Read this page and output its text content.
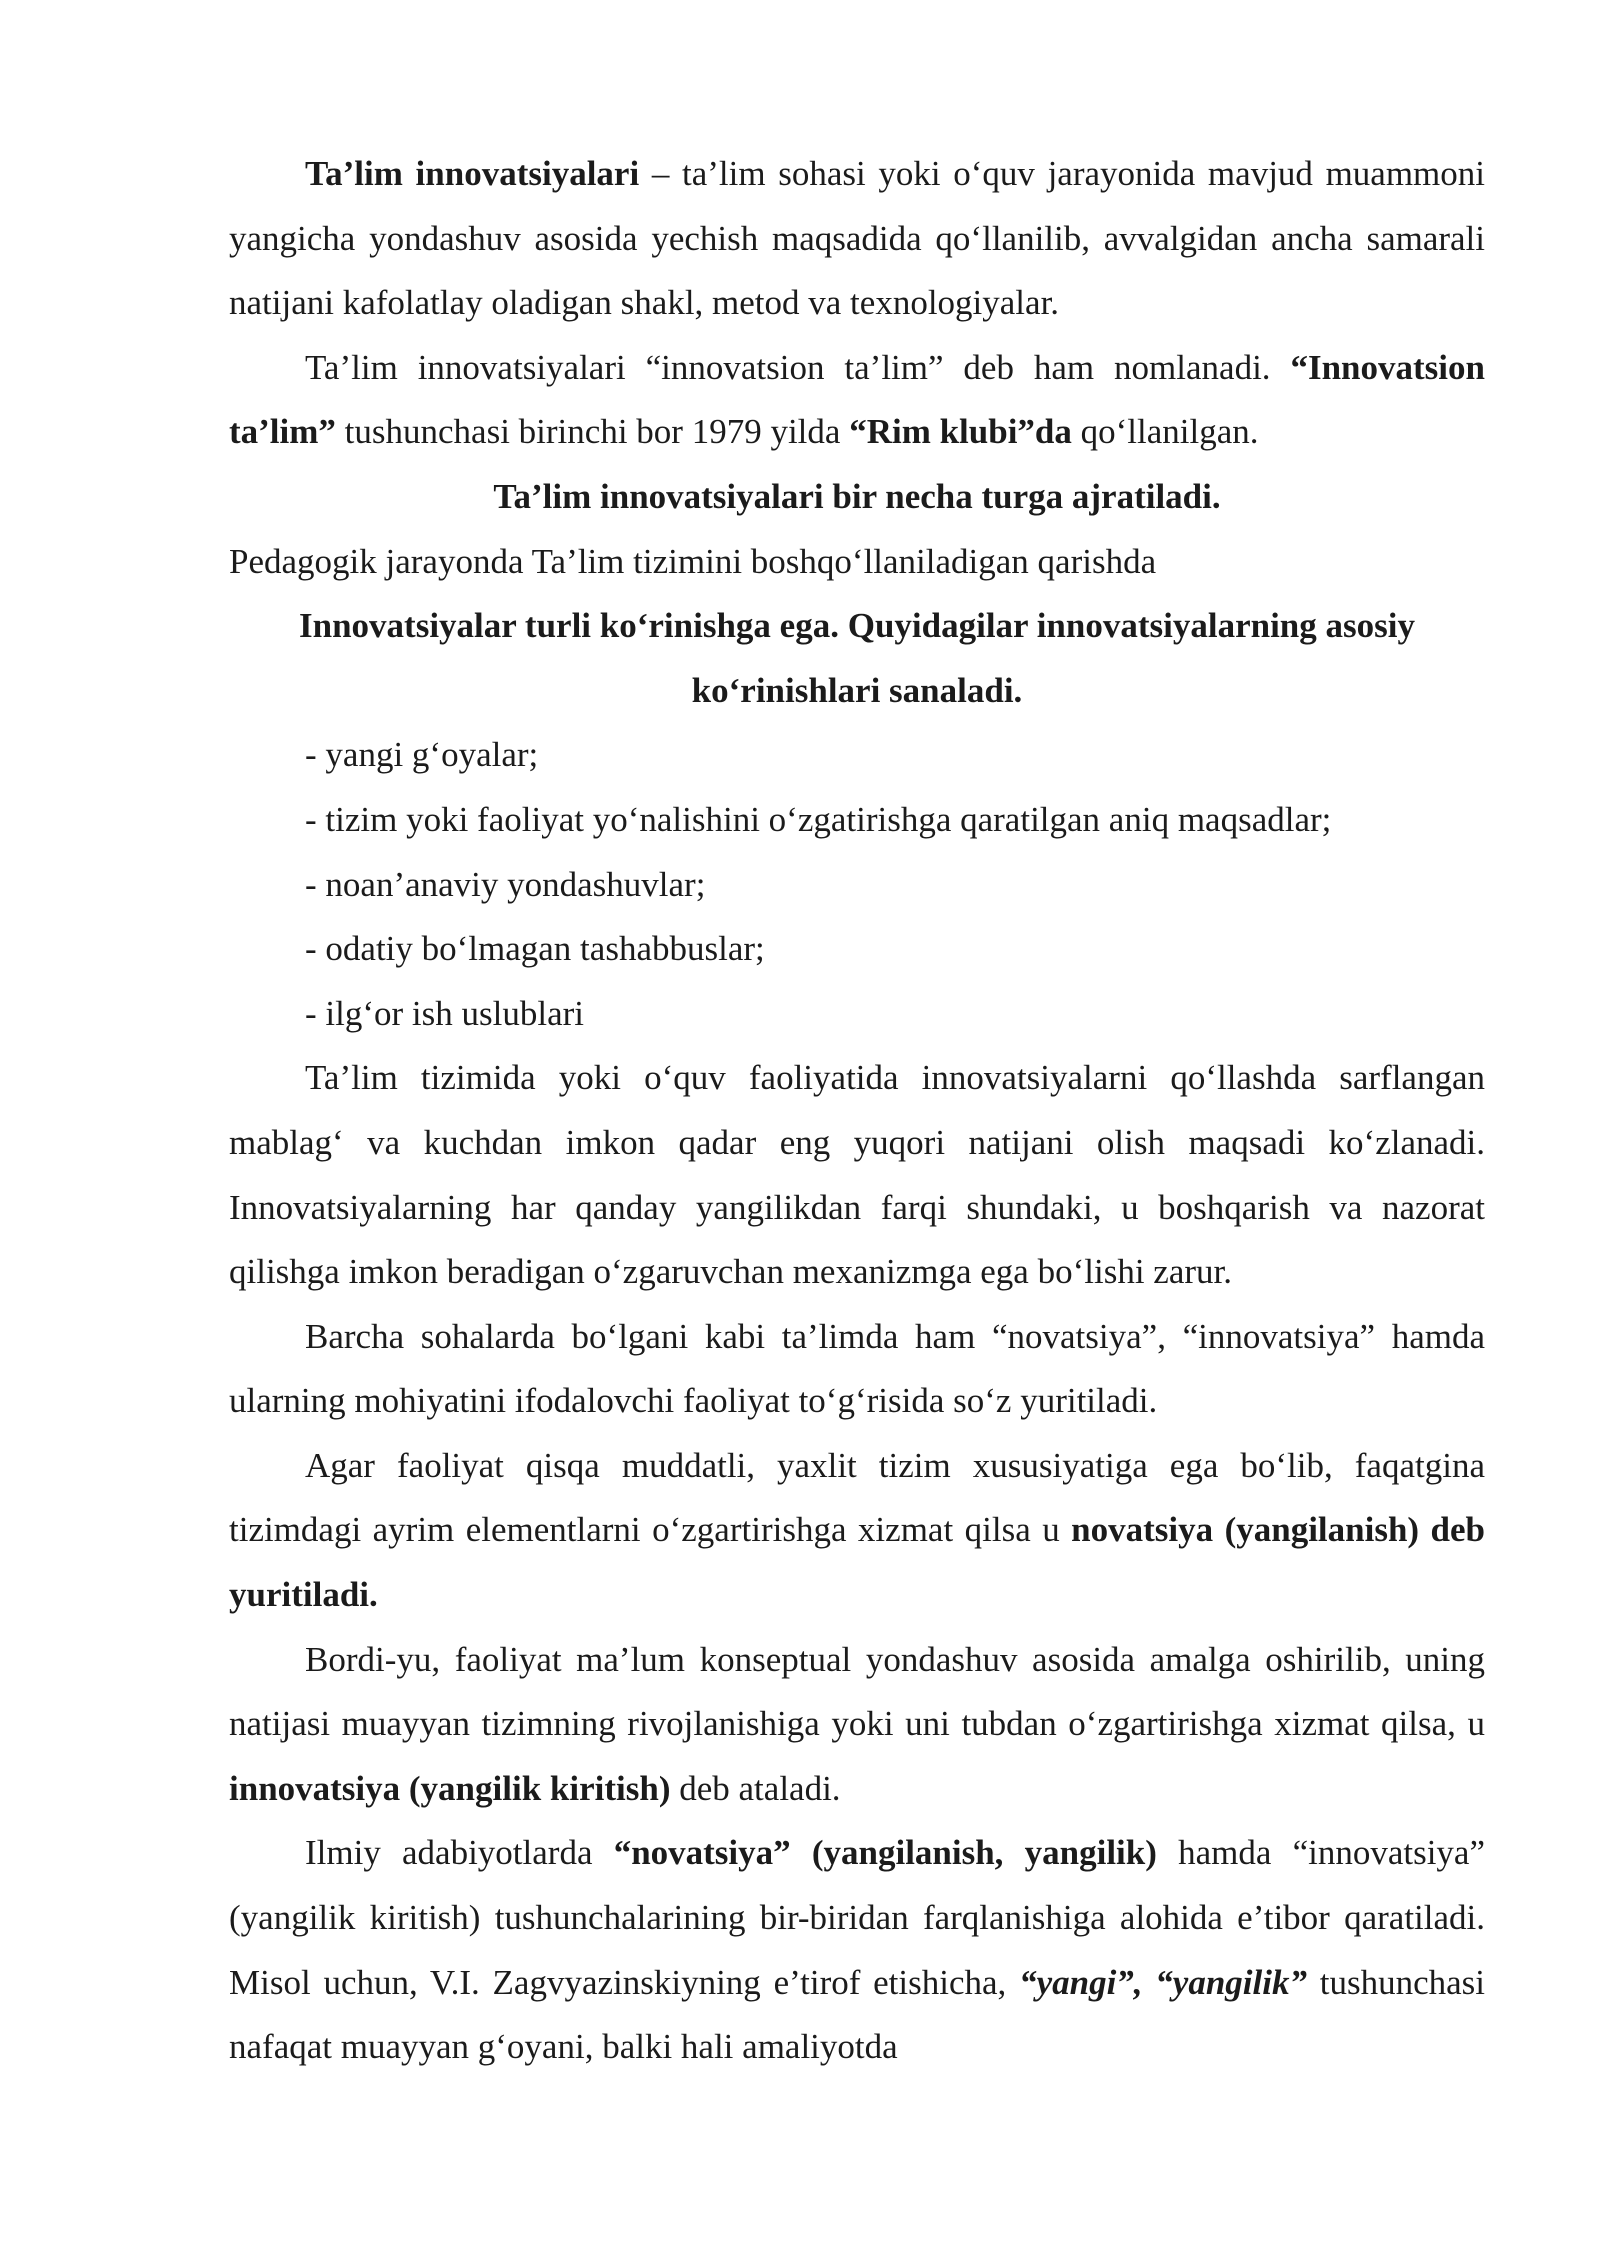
Ta’lim innovatsiyalari – ta’lim sohasi yoki o‘quv jarayonida mavjud muammoni yangicha yondashuv asosida yechish maqsadida qo‘llanilib, avvalgidan ancha samarali natijani kafolatlay oladigan shakl, metod va texnologiyalar.

Ta’lim innovatsiyalari “innovatsion ta’lim” deb ham nomlanadi. “Innovatsion ta’lim” tushunchasi birinchi bor 1979 yilda “Rim klubi”da qo‘llanilgan.

Ta’lim innovatsiyalari bir necha turga ajratiladi.

Pedagogik jarayonda Ta’lim tizimini boshqo‘llaniladigan qarishda

Innovatsiyalar turli ko‘rinishga ega. Quyidagilar innovatsiyalarning asosiy ko‘rinishlari sanaladi.

- yangi g‘oyalar;

- tizim yoki faoliyat yo‘nalishini o‘zgatirishga qaratilgan aniq maqsadlar;

- noan’anaviy yondashuvlar;

- odatiy bo‘lmagan tashabbuslar;

- ilg‘or ish uslublari

Ta’lim tizimida yoki o‘quv faoliyatida innovatsiyalarni qo‘llashda sarflangan mablag‘ va kuchdan imkon qadar eng yuqori natijani olish maqsadi ko‘zlanadi. Innovatsiyalarning har qanday yangilikdan farqi shundaki, u boshqarish va nazorat qilishga imkon beradigan o‘zgaruvchan mexanizmga ega bo‘lishi zarur.

Barcha sohalarda bo‘lgani kabi ta’limda ham “novatsiya”, “innovatsiya” hamda ularning mohiyatini ifodalovchi faoliyat to‘g‘risida so‘z yuritiladi.

Agar faoliyat qisqa muddatli, yaxlit tizim xususiyatiga ega bo‘lib, faqatgina tizimdagi ayrim elementlarni o‘zgartirishga xizmat qilsa u novatsiya (yangilanish) deb yuritiladi.

Bordi-yu, faoliyat ma’lum konseptual yondashuv asosida amalga oshirilib, uning natijasi muayyan tizimning rivojlanishiga yoki uni tubdan o‘zgartirishga xizmat qilsa, u innovatsiya (yangilik kiritish) deb ataladi.

Ilmiy adabiyotlarda “novatsiya” (yangilanish, yangilik) hamda “innovatsiya” (yangilik kiritish) tushunchalarining bir-biridan farqlanishiga alohida e’tibor qaratiladi. Misol uchun, V.I. Zagvyazinskiyning e’tirof etishicha, “yangi”, “yangilik” tushunchasi nafaqat muayyan g‘oyani, balki hali amaliyotda
